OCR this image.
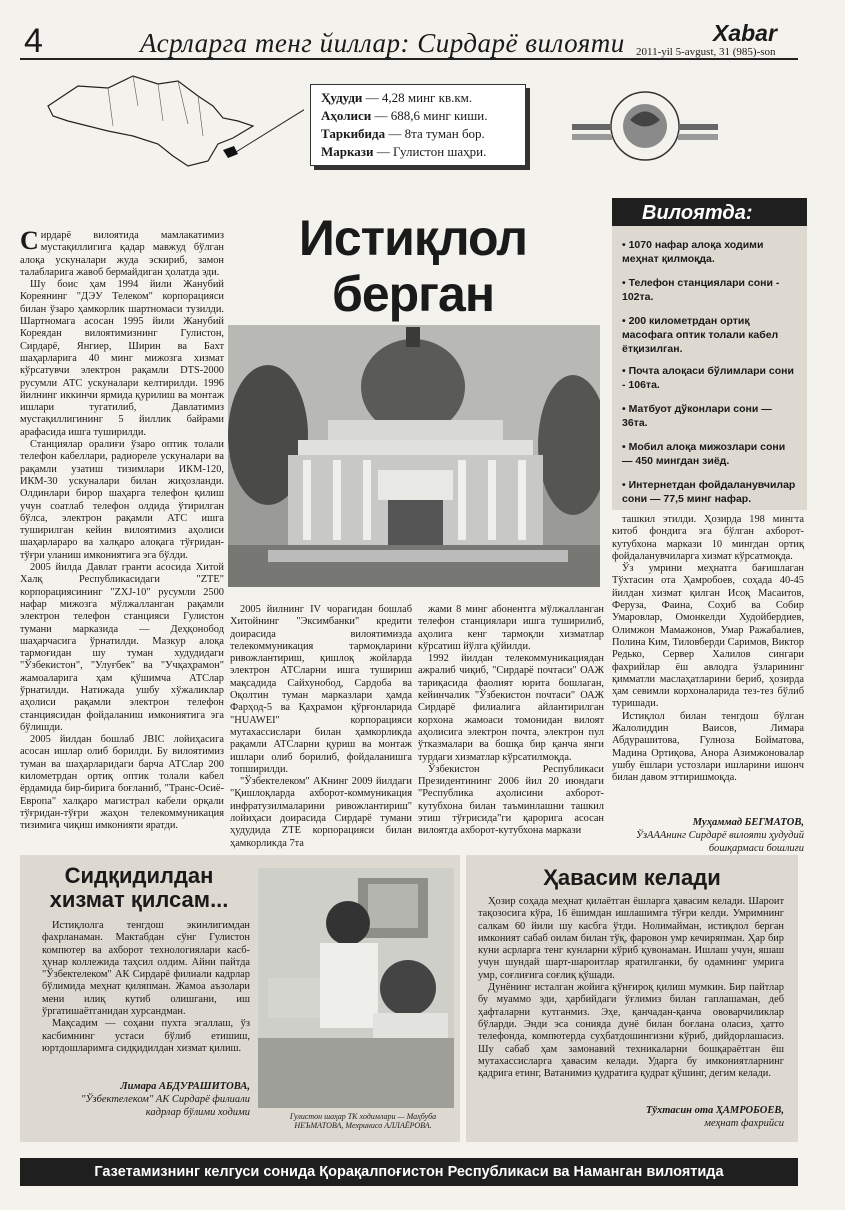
4	Асрларга тенг йиллар: Сирдарё вилояти	Xabar
2011-yil 5-avgust, 31 (985)-son
Ҳудуди — 4,28 минг кв.км.
Аҳолиси — 688,6 минг киши.
Таркибида — 8та туман бор.
Маркази — Гулистон шаҳри.
Истиқлол берган

Сирдарё вилоятида мамлакатимиз мустақиллигига қадар мавжуд бўлган алоқа ускуналари жуда эскириб, замон талабларига жавоб бермайдиган ҳолатда эди.

Шу боис ҳам 1994 йили Жанубий Кореянинг "ДЭУ Телеком" корпорацияси билан ўзаро ҳамкорлик шартномаси тузилди. Шартномага асосан 1995 йили Жанубий Кореядан вилоятимизнинг Гулистон, Сирдарё, Янгиер, Ширин ва Бахт шаҳарларига 40 минг мижозга хизмат кўрсатувчи электрон рақамли DTS-2000 русумли АТС ускуналари келтирилди. 1996 йилнинг иккинчи ярмида қурилиш ва монтаж ишлари тугатилиб, Давлатимиз мустақиллигининг 5 йиллик байрами арафасида ишга туширилди.

Станциялар оралиғи ўзаро оптик толали телефон кабеллари, радиореле ускуналари ва рақамли узатиш тизимлари ИКМ-120, ИКМ-30 ускуналари билан жиҳозланди. Олдинлари бирор шаҳарга телефон қилиш учун соатлаб телефон олдида ўтирилган бўлса, электрон рақамли АТС ишга туширилган кейин вилоятимиз аҳолиси шаҳарлараро ва халқаро алоқага тўғридан-тўғри уланиш имкониятига эга бўлди.

2005 йилда Давлат гранти асосида Хитой Халқ Республикасидаги "ZTE" корпорациясининг "ZXJ-10" русумли 2500 нафар мижозга мўлжалланган рақамли электрон телефон станцияси Гулистон тумани марказида — Деҳқонобод шаҳарчасига ўрнатилди. Мазкур алоқа тармоғидан шу туман худудидаги "Ўзбекистон", "Улуғбек" ва "Учқаҳрамон" жамоаларига ҳам қўшимча АТСлар ўрнатилди. Натижада ушбу хўжаликлар аҳолиси рақамли электрон телефон станциясидан фойдаланиш имкониятига эга бўлишди.

2005 йилдан бошлаб JBIC лойиҳасига асосан ишлар олиб борилди. Бу вилоятимиз туман ва шаҳарларидаги барча АТСлар 200 километрдан ортиқ оптик толали кабел ёрдамида бир-бирига боғланиб, "Транс-Осиё-Европа" халқаро магистрал кабели орқали тўғридан-тўғри жаҳон телекоммуникация тизимига чиқиш имконияти яратди.

2005 йилнинг IV чорагидан бошлаб Хитойнинг "Эксимбанки" кредити доирасида вилоятимизда телекоммуникация тармоқларини ривожлантириш, қишлоқ жойларда электрон АТСларни ишга тушириш мақсадида Сайхунобод, Сардоба ва Оқолтин туман марказлари ҳамда Фарҳод-5 ва Қаҳрамон қўрғонларида "HUAWEI" корпорацияси мутахассислари билан ҳамкорликда рақамли АТСларни қуриш ва монтаж ишлари олиб борилиб, фойдаланишга топширилди.

"Ўзбектелеком" АКнинг 2009 йилдаги "Қишлоқларда ахборот-коммуникация инфратузилмаларини ривожлантириш" лойиҳаси доирасида Сирдарё тумани ҳудудида ZTE корпорацияси билан ҳамкорликда 7та

жами 8 минг абонентга мўлжалланган телефон станциялари ишга туширилиб, аҳолига кенг тармоқли хизматлар кўрсатиш йўлга қўйилди.

1992 йилдан телекоммуникациядан ажралиб чиқиб, "Сирдарё почтаси" ОАЖ тариқасида фаолият юрита бошлаган, кейинчалик "Ўзбекистон почтаси" ОАЖ Сирдарё филиалига айлантирилган корхона жамоаси томонидан вилоят аҳолисига электрон почта, электрон пул ўтказмалари ва бошқа бир қанча янги турдаги хизматлар кўрсатилмоқда.

Ўзбекистон Республикаси Президентининг 2006 йил 20 июндаги "Республика аҳолисини ахборот-кутубхона билан таъминлашни ташкил этиш тўғрисида"ги қарорига асосан вилоятда ахборот-кутубхона маркази

ташкил этилди. Ҳозирда 198 мингта китоб фондига эга бўлган ахборот-кутубхона маркази 10 мингдан ортиқ фойдаланувчиларга хизмат кўрсатмоқда.

Ўз умрини меҳнатга бағишлаган Тўхтасин ота Ҳамробоев, соҳада 40-45 йилдан хизмат қилган Исоқ Масаитов, Феруза, Фаина, Соҳиб ва Собир Умаровлар, Омонкелди Худойбердиев, Олимжон Мамажонов, Умар Ражабалиев, Полина Ким, Тиловберди Саримов, Виктор Редько, Сервер Халилов сингари фахрийлар ёш авлодга ўзларининг қимматли маслаҳатларини бериб, ҳозирда ҳам севимли корхоналарида тез-тез бўлиб туришади.

Истиқлол билан тенгдош бўлган Жалолиддин Ваисов, Лимара Абдурашитова, Гулноза Бойматова, Мадина Ортиқова, Анора Азимжоновалар ушбу ёшлари устозлари ишларини ишонч билан давом эттиришмоқда.

Муҳаммад БЕГМАТОВ,
ЎзАААнинг Сирдарё вилояти ҳудудий бошқармаси бошлиғи
Вилоятда:
• 1070 нафар алоқа ходими меҳнат қилмоқда.
• Телефон станциялари сони - 102та.
• 200 километрдан ортиқ масофага оптик толали кабел ётқизилган.
• Почта алоқаси бўлимлари сони - 106та.
• Матбуот дўконлари сони — 36та.
• Мобил алоқа мижозлари сони — 450 мингдан зиёд.
• Интернетдан фойдаланувчилар сони — 77,5 минг нафар.
Сидқидилдан хизмат қилсам...

Истиқлолга тенгдош экинлигимдан фахрланаман. Мактабдан сўнг Гулистон компютер ва ахборот технологиялари касб-ҳунар коллежида таҳсил олдим. Айни пайтда "Ўзбектелеком" АК Сирдарё филиали кадрлар бўлимида меҳнат қиляпман. Жамоа аъзолари мени илиқ кутиб олишгани, иш ўргатишаётганидан хурсандман.

Мақсадим — соҳани пухта эгаллаш, ўз касбимнинг устаси бўлиб етишиш, юртдошларимга сидқидилдан хизмат қилиш.

Лимара АБДУРАШИТОВА,
"Ўзбектелеком" АК Сирдарё филиали кадрлар бўлими ходими	Гулистон шаҳар ТК ходимлари — Маҳбуба НЕЪМАТОВА, Мехринисо АЛЛАЁРОВА.
Ҳавасим келади

Ҳозир соҳада меҳнат қилаётган ёшларга ҳавасим келади. Шароит тақозосига кўра, 16 ёшимдан ишлашимга тўғри келди. Умримнинг салкам 60 йили шу касбга ўтди. Нолимайман, истиқлол берган имконият сабаб оилам билан тўқ, фаровон умр кечиряпман. Ҳар бир куни асрларга тенг кунларни кўриб қувонаман. Ишлаш учун, яшаш учун шундай шарт-шароитлар яратилганки, бу одамнинг умрига умр, соғлиғига соғлиқ қўшади.

Дунёнинг исталган жойига қўнғироқ қилиш мумкин. Бир пайтлар бу муаммо эди, ҳарбийдаги ўғлимиз билан гаплашаман, деб ҳафталарни кутганмиз. Эҳе, қанчадан-қанча ововарчиликлар бўларди. Энди эса сонияда дунё билан боғлана оласиз, ҳатто телефонда, компютерда суҳбатдошингизни кўриб, дийдорлашасиз. Шу сабаб ҳам замонавий техникаларни бошқараётган ёш мутахассисларга ҳавасим келади. Ударга бу имкониятларнинг қадрига етинг, Ватанимиз қудратига қудрат қўшинг, дегим келади.

Тўхтасин ота ҲАМРОБОЕВ,
меҳнат фахрийси
Газетамизнинг келгуси сонида Қорақалпоғистон Республикаси ва Наманган вилоятида
